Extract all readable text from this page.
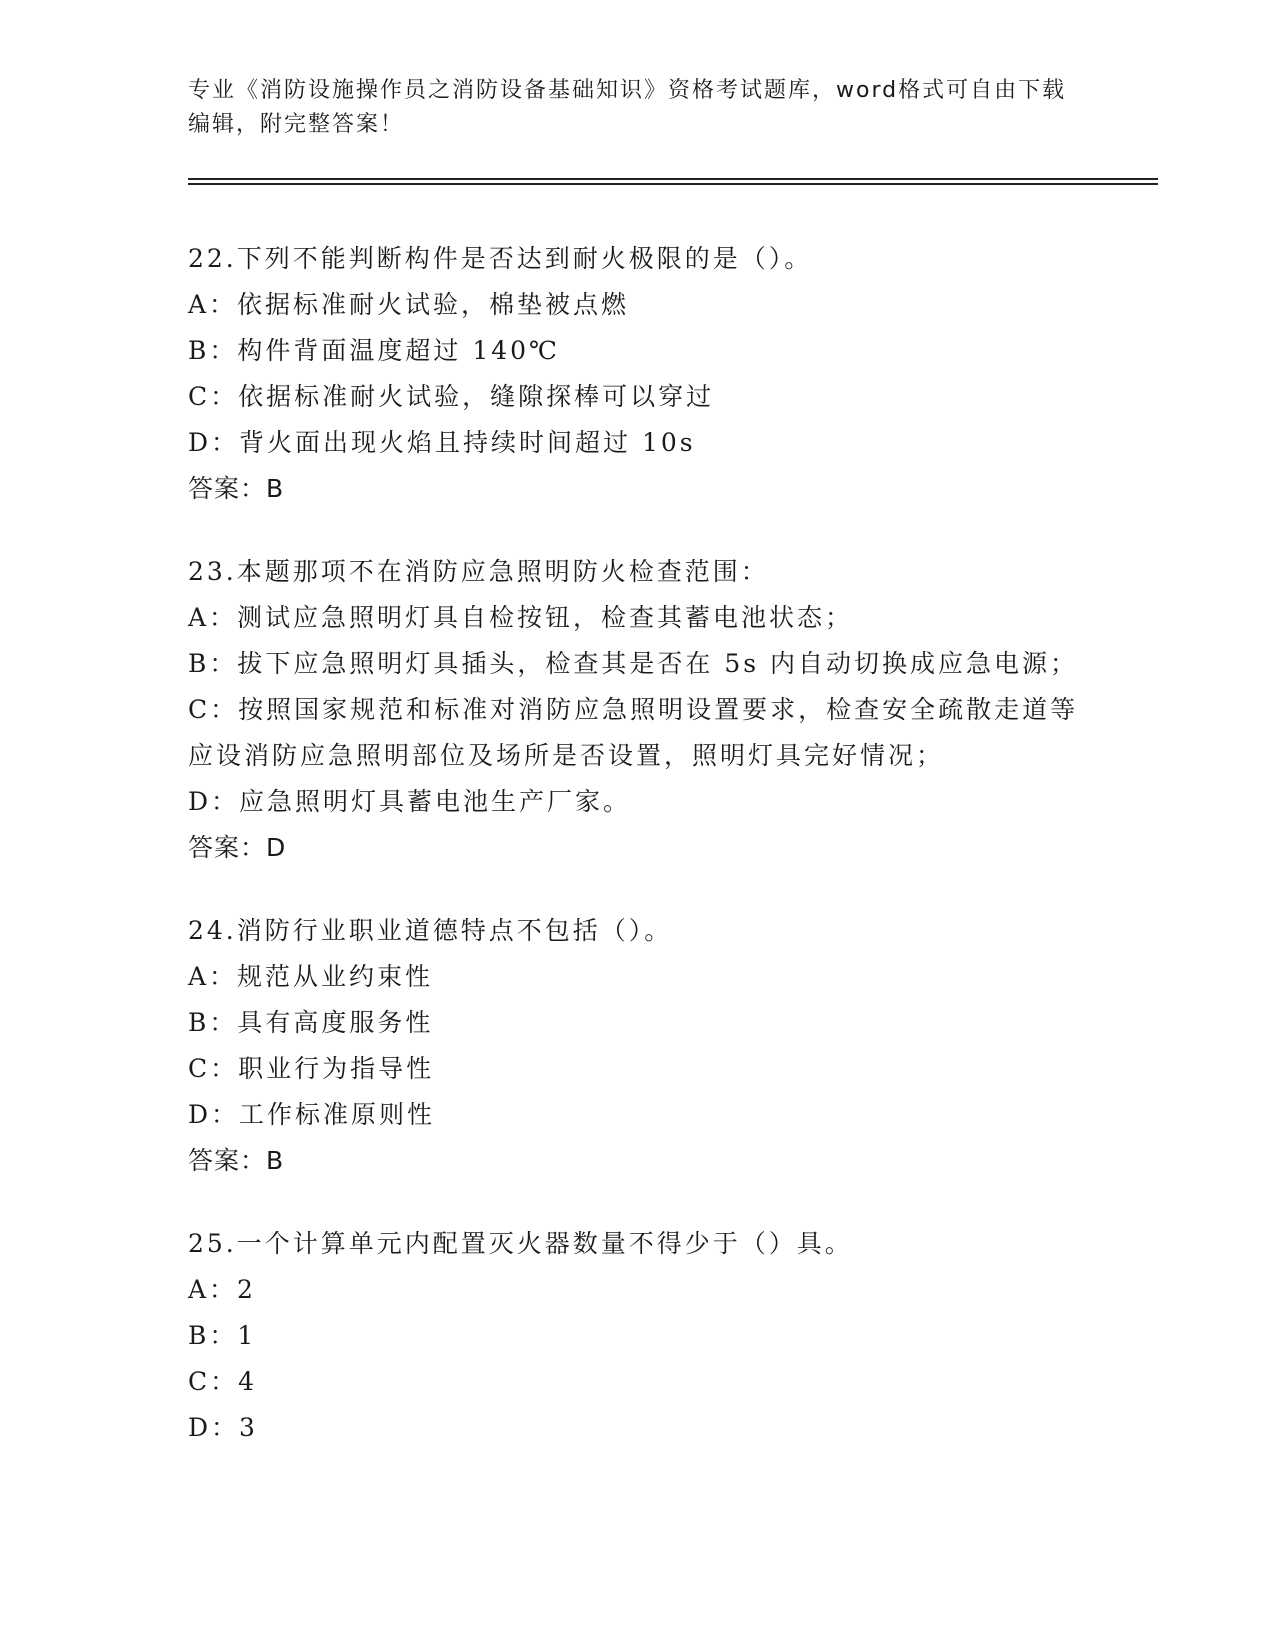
专业《消防设施操作员之消防设备基础知识》资格考试题库，word格式可自由下载编辑，附完整答案！
22.下列不能判断构件是否达到耐火极限的是（）。
A：依据标准耐火试验，棉垫被点燃
B：构件背面温度超过 140℃
C：依据标准耐火试验，缝隙探棒可以穿过
D：背火面出现火焰且持续时间超过 10s
答案：B
23.本题那项不在消防应急照明防火检查范围：
A：测试应急照明灯具自检按钮，检查其蓄电池状态；
B：拔下应急照明灯具插头，检查其是否在 5s 内自动切换成应急电源；
C：按照国家规范和标准对消防应急照明设置要求，检查安全疏散走道等应设消防应急照明部位及场所是否设置，照明灯具完好情况；
D：应急照明灯具蓄电池生产厂家。
答案：D
24.消防行业职业道德特点不包括（）。
A：规范从业约束性
B：具有高度服务性
C：职业行为指导性
D：工作标准原则性
答案：B
25.一个计算单元内配置灭火器数量不得少于（）具。
A：2
B：1
C：4
D：3
